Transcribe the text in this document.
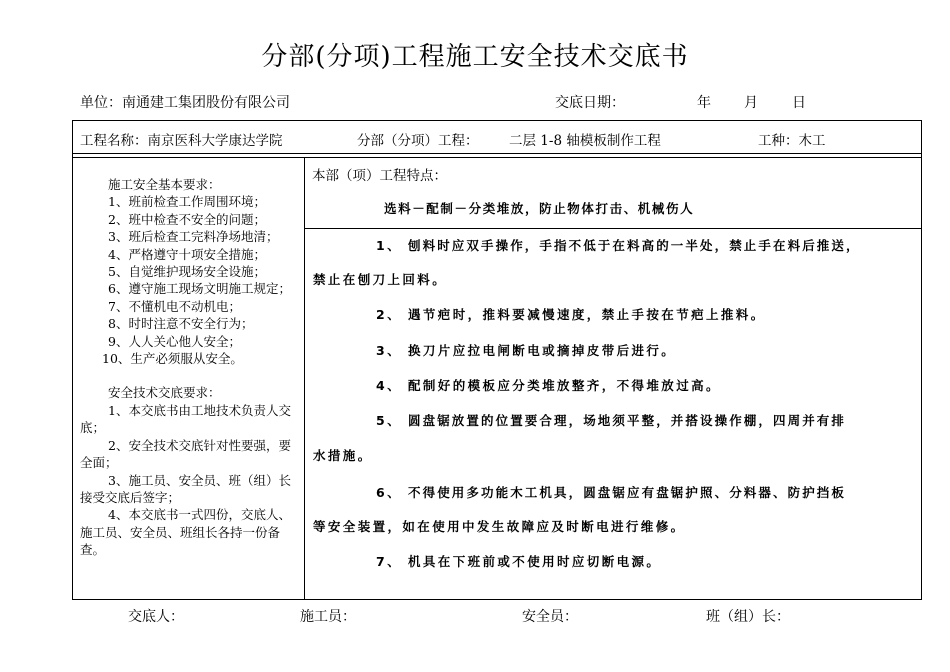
分部(分项)工程施工安全技术交底书
单位：南通建工集团股份有限公司	交底日期：	年 月 日
工程名称：南京医科大学康达学院	分部（分项）工程： 二层 1-8 轴模板制作工程	工种：木工
施工安全基本要求：
1、班前检查工作周围环境；
2、班中检查不安全的问题；
3、班后检查工完料净场地清；
4、严格遵守十项安全措施；
5、自觉维护现场安全设施；
6、遵守施工现场文明施工规定；
7、不懂机电不动机电；
8、时时注意不安全行为；
9、人人关心他人安全；
10、生产必须服从安全。
安全技术交底要求：
1、本交底书由工地技术负责人交底；
2、安全技术交底针对性要强，要全面；
3、施工员、安全员、班（组）长接受交底后签字；
4、本交底书一式四份，交底人、施工员、安全员、班组长各持一份备查。
本部（项）工程特点：
选料－配制－分类堆放，防止物体打击、机械伤人
1、 刨料时应双手操作，手指不低于在料高的一半处，禁止手在料后推送，
禁止在刨刀上回料。
2、 遇节疤时，推料要减慢速度，禁止手按在节疤上推料。
3、 换刀片应拉电闸断电或摘掉皮带后进行。
4、 配制好的模板应分类堆放整齐，不得堆放过高。
5、 圆盘锯放置的位置要合理，场地须平整，并搭设操作棚，四周并有排
水措施。
6、 不得使用多功能木工机具，圆盘锯应有盘锯护照、分料器、防护挡板
等安全装置，如在使用中发生故障应及时断电进行维修。
7、 机具在下班前或不使用时应切断电源。
交底人：	施工员：	安全员：	班（组）长：
